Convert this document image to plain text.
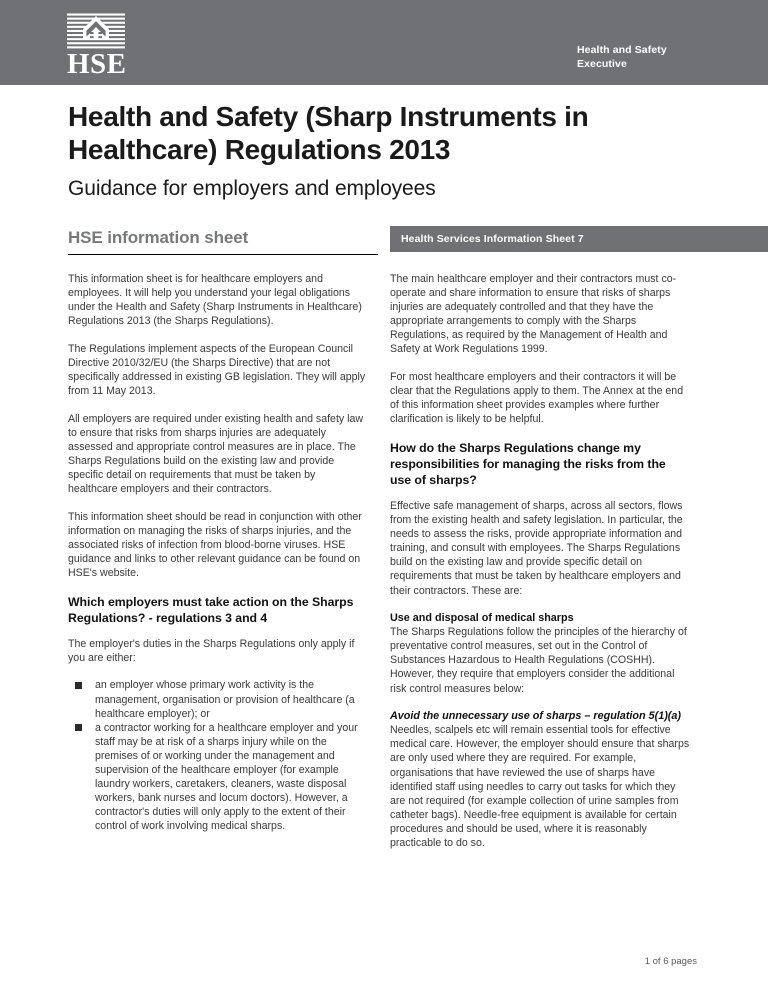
HSE	Health and Safety Executive
Health and Safety (Sharp Instruments in Healthcare) Regulations 2013
Guidance for employers and employees
HSE information sheet	Health Services Information Sheet 7

This information sheet is for healthcare employers and employees. It will help you understand your legal obligations under the Health and Safety (Sharp Instruments in Healthcare) Regulations 2013 (the Sharps Regulations).

The Regulations implement aspects of the European Council Directive 2010/32/EU (the Sharps Directive) that are not specifically addressed in existing GB legislation. They will apply from 11 May 2013.

All employers are required under existing health and safety law to ensure that risks from sharps injuries are adequately assessed and appropriate control measures are in place. The Sharps Regulations build on the existing law and provide specific detail on requirements that must be taken by healthcare employers and their contractors.

This information sheet should be read in conjunction with other information on managing the risks of sharps injuries, and the associated risks of infection from blood-borne viruses. HSE guidance and links to other relevant guidance can be found on HSE's website.

Which employers must take action on the Sharps Regulations? - regulations 3 and 4

The employer's duties in the Sharps Regulations only apply if you are either:

an employer whose primary work activity is the management, organisation or provision of healthcare (a healthcare employer); or
a contractor working for a healthcare employer and your staff may be at risk of a sharps injury while on the premises of or working under the management and supervision of the healthcare employer (for example laundry workers, caretakers, cleaners, waste disposal workers, bank nurses and locum doctors). However, a contractor's duties will only apply to the extent of their control of work involving medical sharps.

The main healthcare employer and their contractors must co-operate and share information to ensure that risks of sharps injuries are adequately controlled and that they have the appropriate arrangements to comply with the Sharps Regulations, as required by the Management of Health and Safety at Work Regulations 1999.

For most healthcare employers and their contractors it will be clear that the Regulations apply to them. The Annex at the end of this information sheet provides examples where further clarification is likely to be helpful.

How do the Sharps Regulations change my responsibilities for managing the risks from the use of sharps?

Effective safe management of sharps, across all sectors, flows from the existing health and safety legislation. In particular, the needs to assess the risks, provide appropriate information and training, and consult with employees. The Sharps Regulations build on the existing law and provide specific detail on requirements that must be taken by healthcare employers and their contractors. These are:

Use and disposal of medical sharps

The Sharps Regulations follow the principles of the hierarchy of preventative control measures, set out in the Control of Substances Hazardous to Health Regulations (COSHH). However, they require that employers consider the additional risk control measures below:

Avoid the unnecessary use of sharps – regulation 5(1)(a)

Needles, scalpels etc will remain essential tools for effective medical care. However, the employer should ensure that sharps are only used where they are required. For example, organisations that have reviewed the use of sharps have identified staff using needles to carry out tasks for which they are not required (for example collection of urine samples from catheter bags). Needle-free equipment is available for certain procedures and should be used, where it is reasonably practicable to do so.

1 of 6 pages
